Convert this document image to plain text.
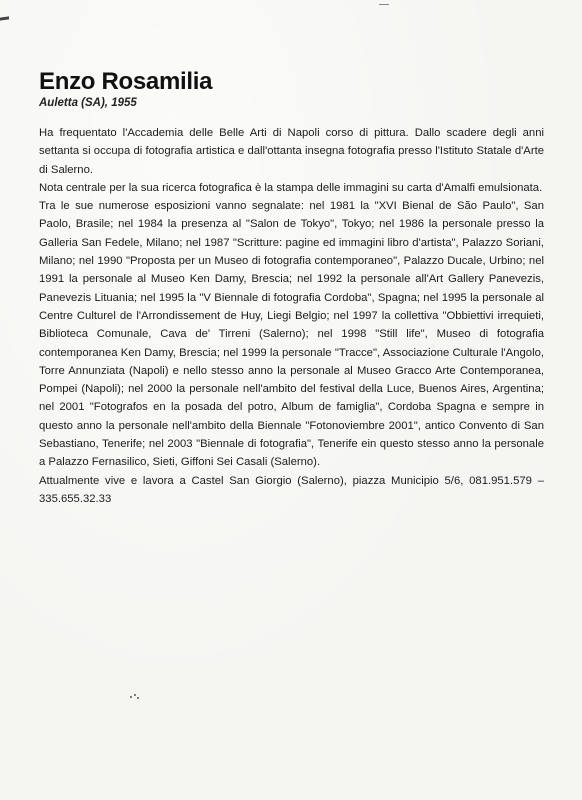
Enzo Rosamilia
Auletta (SA), 1955

Ha frequentato l'Accademia delle Belle Arti di Napoli corso di pittura. Dallo scadere degli anni settanta si occupa di fotografia artistica e dall'ottanta insegna fotografia presso l'Istituto Statale d'Arte di Salerno.

Nota centrale per la sua ricerca fotografica è la stampa delle immagini su carta d'Amalfi emulsionata.

Tra le sue numerose esposizioni vanno segnalate: nel 1981 la "XVI Bienal de São Paulo", San Paolo, Brasile; nel 1984 la presenza al "Salon de Tokyo", Tokyo; nel 1986 la personale presso la Galleria San Fedele, Milano; nel 1987 "Scritture: pagine ed immagini libro d'artista", Palazzo Soriani, Milano; nel 1990 "Proposta per un Museo di fotografia contemporaneo", Palazzo Ducale, Urbino; nel 1991 la personale al Museo Ken Damy, Brescia; nel 1992 la personale all'Art Gallery Panevezis, Panevezis Lituania; nel 1995 la "V Biennale di fotografia Cordoba", Spagna; nel 1995 la personale al Centre Culturel de l'Arrondissement de Huy, Liegi Belgio; nel 1997 la collettiva "Obbiettivi irrequieti, Biblioteca Comunale, Cava de' Tirreni (Salerno); nel 1998 "Still life", Museo di fotografia contemporanea Ken Damy, Brescia; nel 1999 la personale "Tracce", Associazione Culturale l'Angolo, Torre Annunziata (Napoli) e nello stesso anno la personale al Museo Gracco Arte Contemporanea, Pompei (Napoli); nel 2000 la personale nell'ambito del festival della Luce, Buenos Aires, Argentina; nel 2001 "Fotografos en la posada del potro, Album de famiglia", Cordoba Spagna e sempre in questo anno la personale nell'ambito della Biennale "Fotonoviembre 2001", antico Convento di San Sebastiano, Tenerife; nel 2003 "Biennale di fotografia", Tenerife ein questo stesso anno la personale a Palazzo Fernasilico, Sieti, Giffoni Sei Casali (Salerno).

Attualmente vive e lavora a Castel San Giorgio (Salerno), piazza Municipio 5/6, 081.951.579 – 335.655.32.33
